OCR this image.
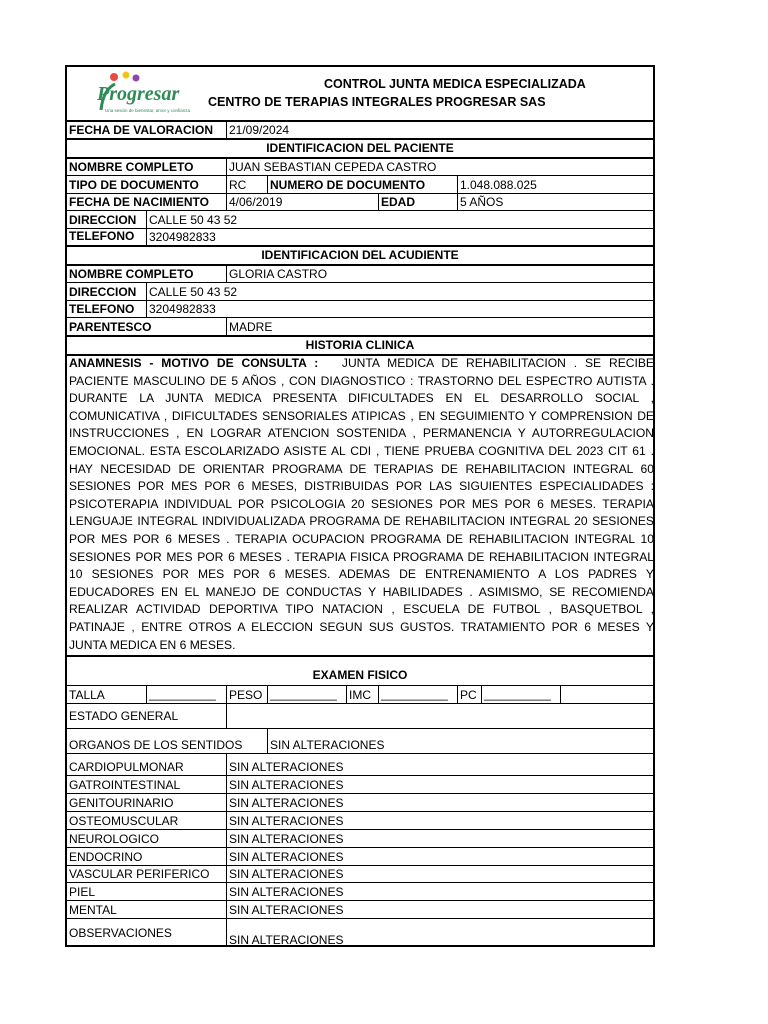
Progresar
Una sesión de bienestar, amor y confianza
CONTROL JUNTA MEDICA ESPECIALIZADA
CENTRO DE TERAPIAS INTEGRALES PROGRESAR SAS
FECHA DE VALORACION 21/09/2024
IDENTIFICACION DEL PACIENTE
NOMBRE COMPLETO	JUAN SEBASTIAN CEPEDA CASTRO
TIPO DE DOCUMENTO	RC NUMERO DE DOCUMENTO	1.048.088.025
FECHA DE NACIMIENTO 4/06/2019	EDAD	5 AÑOS
DIRECCION CALLE 50 43 52
TELEFONO 3204982833
IDENTIFICACION DEL ACUDIENTE
NOMBRE COMPLETO	GLORIA CASTRO
DIRECCION CALLE 50 43 52
TELEFONO 3204982833
PARENTESCO	MADRE
HISTORIA CLINICA
ANAMNESIS - MOTIVO DE CONSULTA : JUNTA MEDICA DE REHABILITACION . SE RECIBE PACIENTE MASCULINO DE 5 AÑOS , CON DIAGNOSTICO : TRASTORNO DEL ESPECTRO AUTISTA . DURANTE LA JUNTA MEDICA PRESENTA DIFICULTADES EN EL DESARROLLO SOCIAL , COMUNICATIVA , DIFICULTADES SENSORIALES ATIPICAS , EN SEGUIMIENTO Y COMPRENSION DE INSTRUCCIONES , EN LOGRAR ATENCION SOSTENIDA , PERMANENCIA Y AUTORREGULACION EMOCIONAL. ESTA ESCOLARIZADO ASISTE AL CDI , TIENE PRUEBA COGNITIVA DEL 2023 CIT 61 . HAY NECESIDAD DE ORIENTAR PROGRAMA DE TERAPIAS DE REHABILITACION INTEGRAL 60 SESIONES POR MES POR 6 MESES, DISTRIBUIDAS POR LAS SIGUIENTES ESPECIALIDADES : PSICOTERAPIA INDIVIDUAL POR PSICOLOGIA 20 SESIONES POR MES POR 6 MESES. TERAPIA LENGUAJE INTEGRAL INDIVIDUALIZADA PROGRAMA DE REHABILITACION INTEGRAL 20 SESIONES POR MES POR 6 MESES . TERAPIA OCUPACION PROGRAMA DE REHABILITACION INTEGRAL 10 SESIONES POR MES POR 6 MESES . TERAPIA FISICA PROGRAMA DE REHABILITACION INTEGRAL 10 SESIONES POR MES POR 6 MESES. ADEMAS DE ENTRENAMIENTO A LOS PADRES Y EDUCADORES EN EL MANEJO DE CONDUCTAS Y HABILIDADES . ASIMISMO, SE RECOMIENDA REALIZAR ACTIVIDAD DEPORTIVA TIPO NATACION , ESCUELA DE FUTBOL , BASQUETBOL , PATINAJE , ENTRE OTROS A ELECCION SEGUN SUS GUSTOS. TRATAMIENTO POR 6 MESES Y JUNTA MEDICA EN 6 MESES.
EXAMEN FISICO
TALLA	__________ PESO __________ IMC __________ PC __________
ESTADO GENERAL
ORGANOS DE LOS SENTIDOS SIN ALTERACIONES
CARDIOPULMONAR	SIN ALTERACIONES
GATROINTESTINAL	SIN ALTERACIONES
GENITOURINARIO	SIN ALTERACIONES
OSTEOMUSCULAR	SIN ALTERACIONES
NEUROLOGICO	SIN ALTERACIONES
ENDOCRINO	SIN ALTERACIONES
VASCULAR PERIFERICO SIN ALTERACIONES
PIEL	SIN ALTERACIONES
MENTAL	SIN ALTERACIONES
OBSERVACIONES	SIN ALTERACIONES
